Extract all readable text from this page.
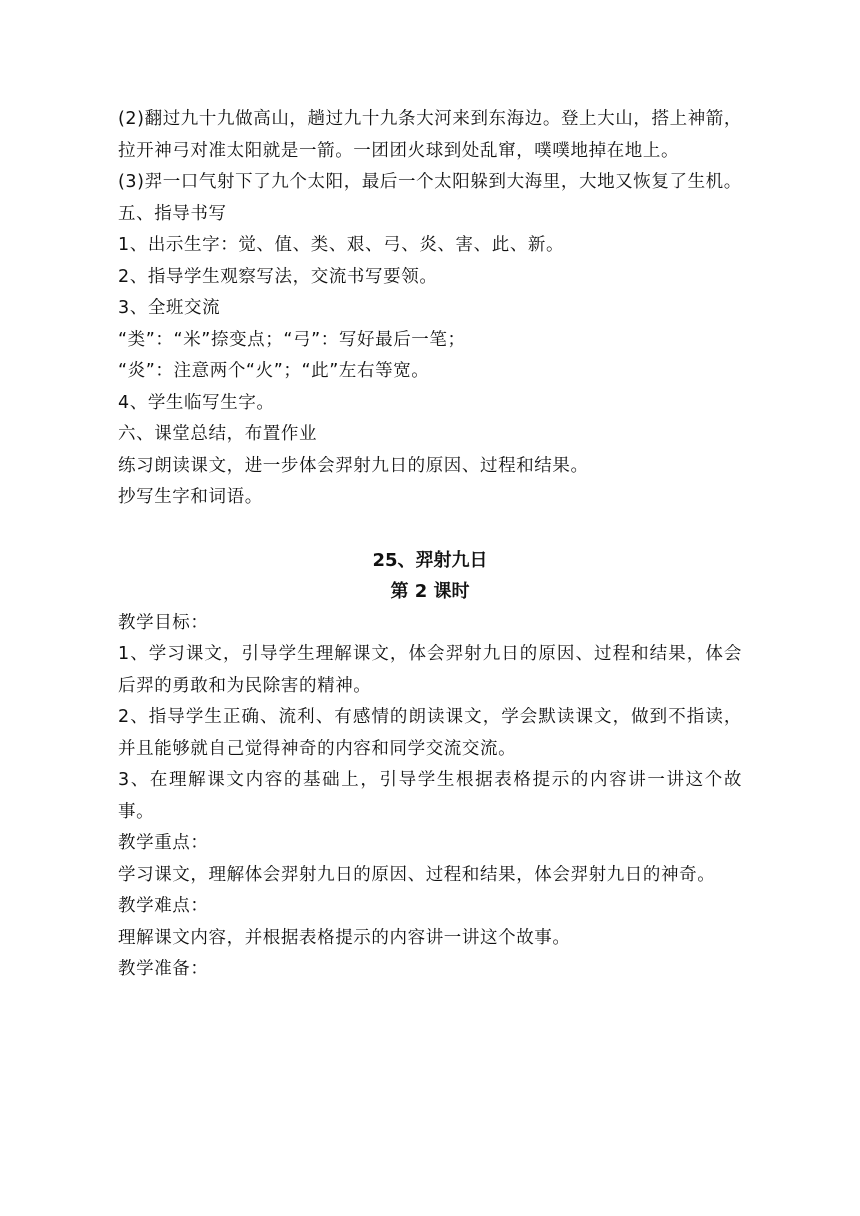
(2)翻过九十九做高山，趟过九十九条大河来到东海边。登上大山，搭上神箭，拉开神弓对准太阳就是一箭。一团团火球到处乱窜，噗噗地掉在地上。
(3)羿一口气射下了九个太阳，最后一个太阳躲到大海里，大地又恢复了生机。
五、指导书写
1、出示生字：觉、值、类、艰、弓、炎、害、此、新。
2、指导学生观察写法，交流书写要领。
3、全班交流
“类”：“米”捺变点；“弓”：写好最后一笔；
“炎”：注意两个“火”；“此”左右等宽。
4、学生临写生字。
六、课堂总结，布置作业
练习朗读课文，进一步体会羿射九日的原因、过程和结果。
抄写生字和词语。
25、羿射九日
第 2 课时
教学目标：
1、学习课文，引导学生理解课文，体会羿射九日的原因、过程和结果，体会后羿的勇敢和为民除害的精神。
2、指导学生正确、流利、有感情的朗读课文，学会默读课文，做到不指读，并且能够就自己觉得神奇的内容和同学交流交流。
3、在理解课文内容的基础上，引导学生根据表格提示的内容讲一讲这个故事。
教学重点：
学习课文，理解体会羿射九日的原因、过程和结果，体会羿射九日的神奇。
教学难点：
理解课文内容，并根据表格提示的内容讲一讲这个故事。
教学准备：
